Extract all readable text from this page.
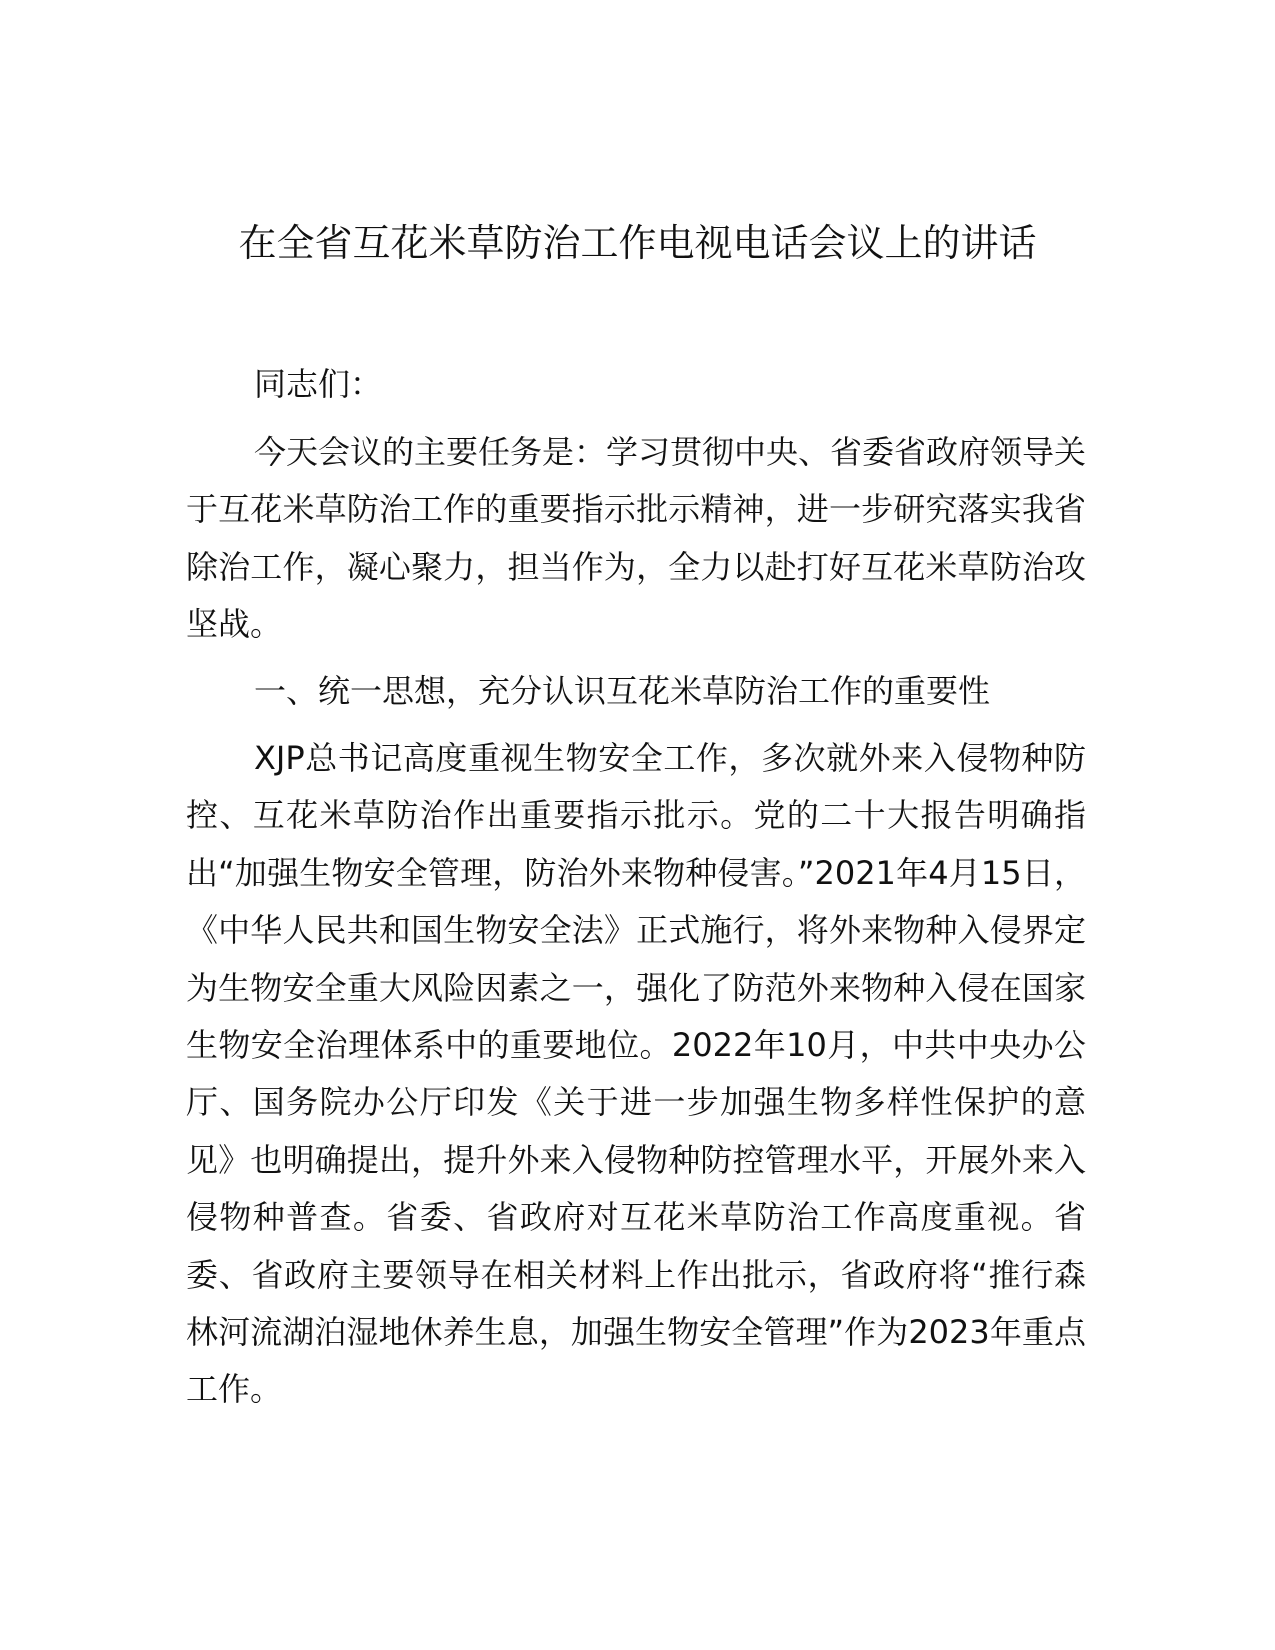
在全省互花米草防治工作电视电话会议上的讲话

同志们：

今天会议的主要任务是：学习贯彻中央、省委省政府领导关于互花米草防治工作的重要指示批示精神，进一步研究落实我省除治工作，凝心聚力，担当作为，全力以赴打好互花米草防治攻坚战。

一、统一思想，充分认识互花米草防治工作的重要性

XJP总书记高度重视生物安全工作，多次就外来入侵物种防控、互花米草防治作出重要指示批示。党的二十大报告明确指出“加强生物安全管理，防治外来物种侵害。”2021年4月15日，《中华人民共和国生物安全法》正式施行，将外来物种入侵界定为生物安全重大风险因素之一，强化了防范外来物种入侵在国家生物安全治理体系中的重要地位。2022年10月，中共中央办公厅、国务院办公厅印发《关于进一步加强生物多样性保护的意见》也明确提出，提升外来入侵物种防控管理水平，开展外来入侵物种普查。省委、省政府对互花米草防治工作高度重视。省委、省政府主要领导在相关材料上作出批示，省政府将“推行森林河流湖泊湿地休养生息，加强生物安全管理”作为2023年重点工作。
